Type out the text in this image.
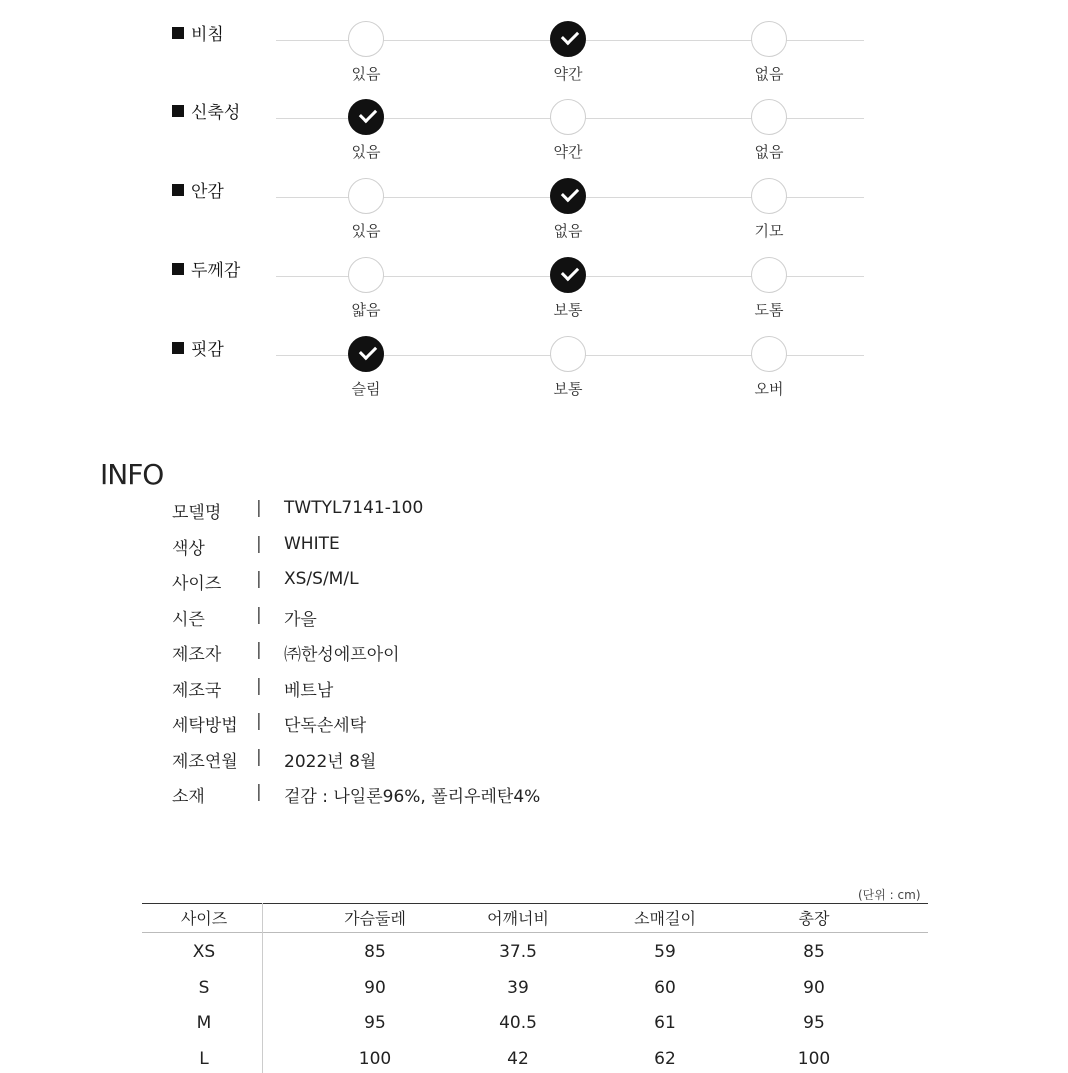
비침
있음	약간	없음
신축성
있음	약간	없음
안감
있음	없음	기모
두께감
얇음	보통	도톰
핏감
슬림	보통	오버
INFO
모델명 | TWTYL7141-100
색상	| WHITE
사이즈 | XS/S/M/L
시즌	| 가을
제조자 | ㈜한성에프아이
제조국 | 베트남
세탁방법 | 단독손세탁
제조연월 | 2022년 8월
소재	| 겉감 : 나일론96%, 폴리우레탄4%
(단위 : cm)
사이즈	가슴둘레	어깨너비	소매길이	총장
XS	85	37.5	59	85
S	90	39	60	90
M	95	40.5	61	95
L	100	42	62	100
